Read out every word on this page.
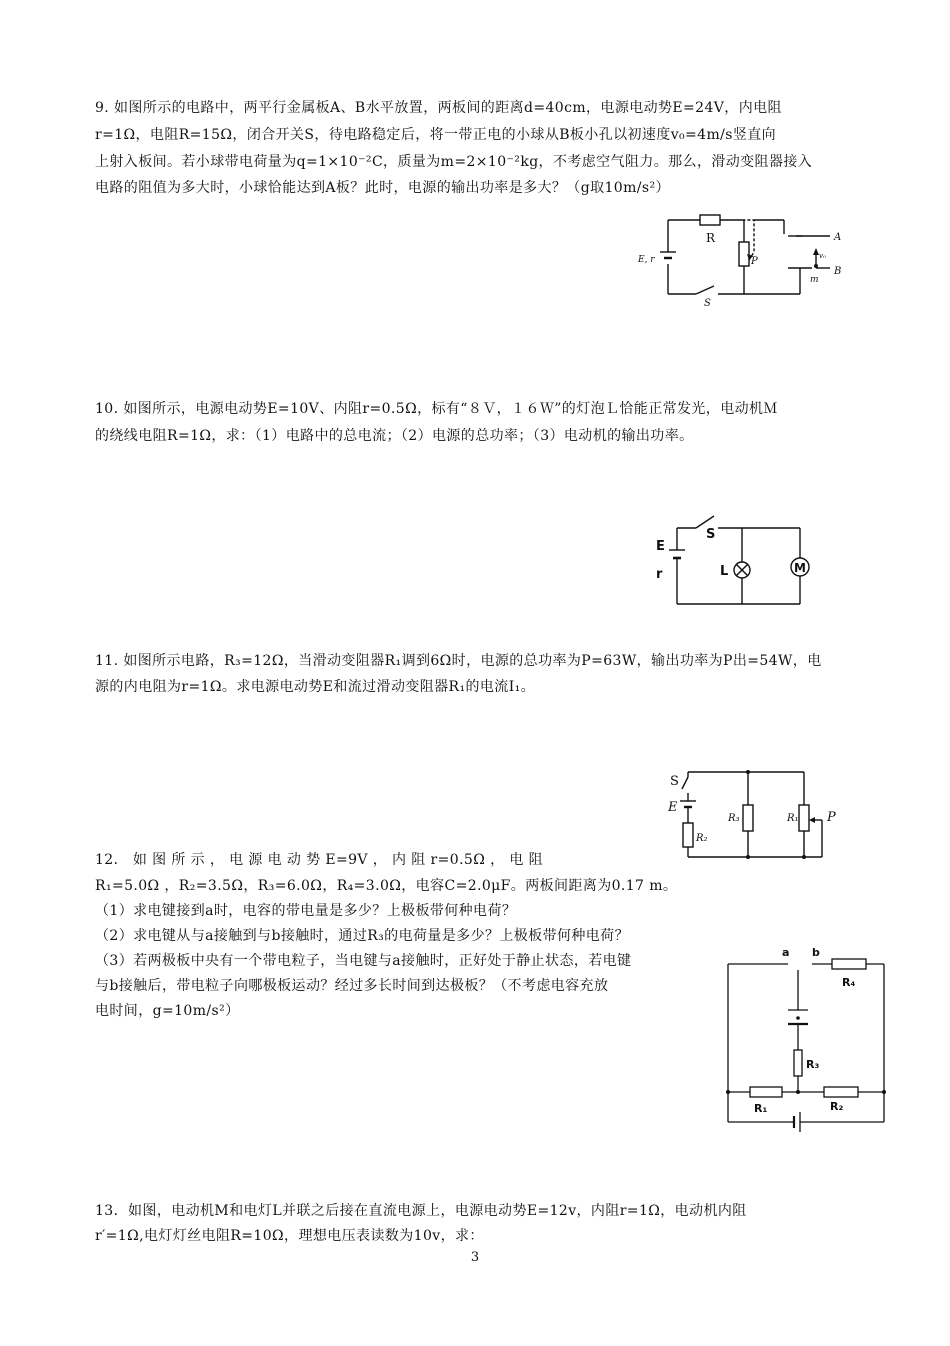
9. 如图所示的电路中，两平行金属板A、B水平放置，两板间的距离d=40cm，电源电动势E=24V，内电阻
r=1Ω，电阻R=15Ω，闭合开关S，待电路稳定后，将一带正电的小球从B板小孔以初速度v₀=4m/s竖直向
上射入板间。若小球带电荷量为q=1×10⁻²C，质量为m=2×10⁻²kg，不考虑空气阻力。那么，滑动变阻器接入
电路的阻值为多大时，小球恰能达到A板？此时，电源的输出功率是多大？（g取10m/s²）
E, r
R
P
S
A
B
v₀
m
10. 如图所示，电源电动势E=10V、内阻r=0.5Ω，标有“８Ｖ，１６Ｗ”的灯泡Ｌ恰能正常发光，电动机Ｍ
的绕线电阻R=1Ω，求：（1）电路中的总电流；（2）电源的总功率；（3）电动机的输出功率。
S
E
r	L	M
11. 如图所示电路，R₃=12Ω，当滑动变阻器R₁调到6Ω时，电源的总功率为P=63W，输出功率为P出=54W，电
源的内电阻为r=1Ω。求电源电动势E和流过滑动变阻器R₁的电流I₁。
S
E
R₂
R₃	R₁ P
12． 如 图 所 示 ， 电 源 电 动 势 E=9V ， 内 阻 r=0.5Ω ， 电 阻
R₁=5.0Ω ，R₂=3.5Ω，R₃=6.0Ω，R₄=3.0Ω，电容C=2.0μF。两板间距离为0.17 m。
（1）求电键接到a时，电容的带电量是多少？上极板带何种电荷？
（2）求电键从与a接触到与b接触时，通过R₃的电荷量是多少？上极板带何种电荷？
（3）若两极板中央有一个带电粒子，当电键与a接触时，正好处于静止状态，若电键
与b接触后，带电粒子向哪极板运动？经过多长时间到达极板？（不考虑电容充放
电时间，g=10m/s²）
a b
R₄
R₃
R₁	R₂
13．如图，电动机M和电灯L并联之后接在直流电源上，电源电动势E=12v，内阻r=1Ω，电动机内阻
r′=1Ω,电灯灯丝电阻R=10Ω，理想电压表读数为10v，求：
3
